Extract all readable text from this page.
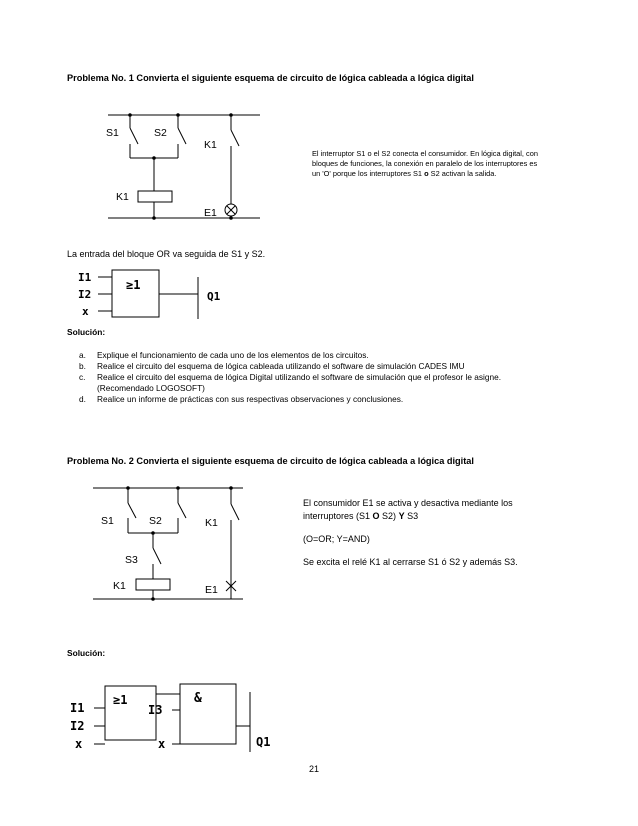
Problema No. 1 Convierta el siguiente esquema de circuito de lógica cableada a lógica digital
S1	S2
K1
K1
E1
El interruptor S1 o el S2 conecta el consumidor. En lógica digital, con
bloques de funciones, la conexión en paralelo de los interruptores es
un 'O' porque los interruptores S1 o S2 activan la salida.
La entrada del bloque OR va seguida de S1 y S2.
I1
I2
x
≥1
Q1
Solución:
a. Explique el funcionamiento de cada uno de los elementos de los circuitos.
b. Realice el circuito del esquema de lógica cableada utilizando el software de simulación CADES IMU
c. Realice el circuito del esquema de lógica Digital utilizando el software de simulación que el profesor le asigne.
(Recomendado LOGOSOFT)
d. Realice un informe de prácticas con sus respectivas observaciones y conclusiones.
Problema No. 2 Convierta el siguiente esquema de circuito de lógica cableada a lógica digital
S1	S2
S3
K1
K1	E1
El consumidor E1 se activa y desactiva mediante los
interruptores (S1 O S2) Y S3
(O=OR; Y=AND)
Se excita el relé K1 al cerrarse S1 ó S2 y además S3.
Solución:
I1
I2
x
≥1
I3
x
&
Q1
21
